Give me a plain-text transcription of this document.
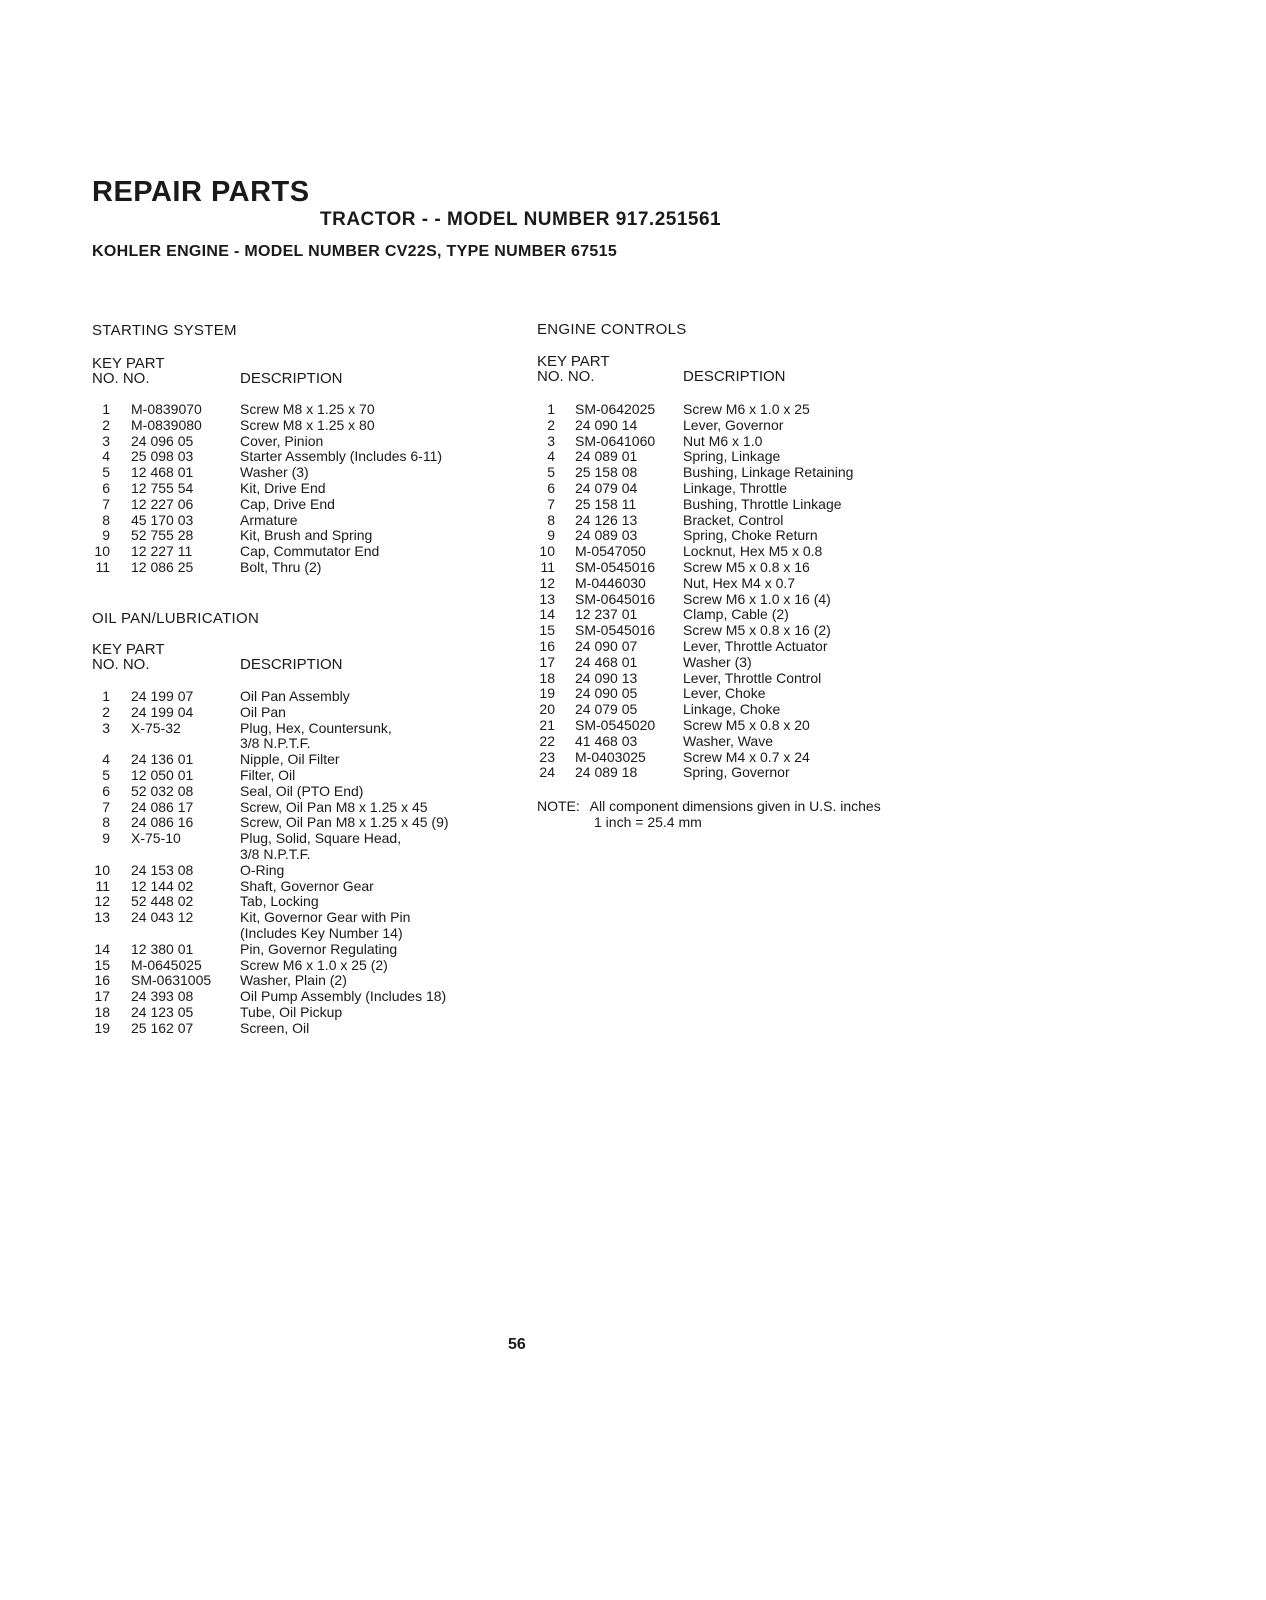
REPAIR PARTS
TRACTOR - - MODEL NUMBER 917.251561
KOHLER ENGINE - MODEL NUMBER CV22S, TYPE NUMBER 67515
STARTING SYSTEM
KEY PART
NO. NO.	DESCRIPTION
1 M-0839070	Screw M8 x 1.25 x 70
2 M-0839080	Screw M8 x 1.25 x 80
3 24 096 05	Cover, Pinion
4 25 098 03	Starter Assembly (Includes 6-11)
5 12 468 01	Washer (3)
6 12 755 54	Kit, Drive End
7 12 227 06	Cap, Drive End
8 45 170 03	Armature
9 52 755 28	Kit, Brush and Spring
10 12 227 11	Cap, Commutator End
11 12 086 25	Bolt, Thru (2)
OIL PAN/LUBRICATION
KEY PART
NO. NO.	DESCRIPTION
1 24 199 07	Oil Pan Assembly
2 24 199 04	Oil Pan
3 X-75-32	Plug, Hex, Countersunk,
3/8 N.P.T.F.
4 24 136 01	Nipple, Oil Filter
5 12 050 01	Filter, Oil
6 52 032 08	Seal, Oil (PTO End)
7 24 086 17	Screw, Oil Pan M8 x 1.25 x 45
8 24 086 16	Screw, Oil Pan M8 x 1.25 x 45 (9)
9 X-75-10	Plug, Solid, Square Head,
3/8 N.P.T.F.
10 24 153 08	O-Ring
11 12 144 02	Shaft, Governor Gear
12 52 448 02	Tab, Locking
13 24 043 12	Kit, Governor Gear with Pin
(Includes Key Number 14)
14 12 380 01	Pin, Governor Regulating
15 M-0645025	Screw M6 x 1.0 x 25 (2)
16 SM-0631005 Washer, Plain (2)
17 24 393 08	Oil Pump Assembly (Includes 18)
18 24 123 05	Tube, Oil Pickup
19 25 162 07	Screen, Oil
ENGINE CONTROLS
KEY PART
NO. NO.	DESCRIPTION
1 SM-0642025 Screw M6 x 1.0 x 25
2 24 090 14	Lever, Governor
3 SM-0641060 Nut M6 x 1.0
4 24 089 01	Spring, Linkage
5 25 158 08	Bushing, Linkage Retaining
6 24 079 04	Linkage, Throttle
7 25 158 11	Bushing, Throttle Linkage
8 24 126 13	Bracket, Control
9 24 089 03	Spring, Choke Return
10 M-0547050	Locknut, Hex M5 x 0.8
11 SM-0545016 Screw M5 x 0.8 x 16
12 M-0446030	Nut, Hex M4 x 0.7
13 SM-0645016 Screw M6 x 1.0 x 16 (4)
14 12 237 01	Clamp, Cable (2)
15 SM-0545016 Screw M5 x 0.8 x 16 (2)
16 24 090 07	Lever, Throttle Actuator
17 24 468 01	Washer (3)
18 24 090 13	Lever, Throttle Control
19 24 090 05	Lever, Choke
20 24 079 05	Linkage, Choke
21 SM-0545020 Screw M5 x 0.8 x 20
22 41 468 03	Washer, Wave
23 M-0403025	Screw M4 x 0.7 x 24
24 24 089 18	Spring, Governor
NOTE: All component dimensions given in U.S. inches
1 inch = 25.4 mm
56
